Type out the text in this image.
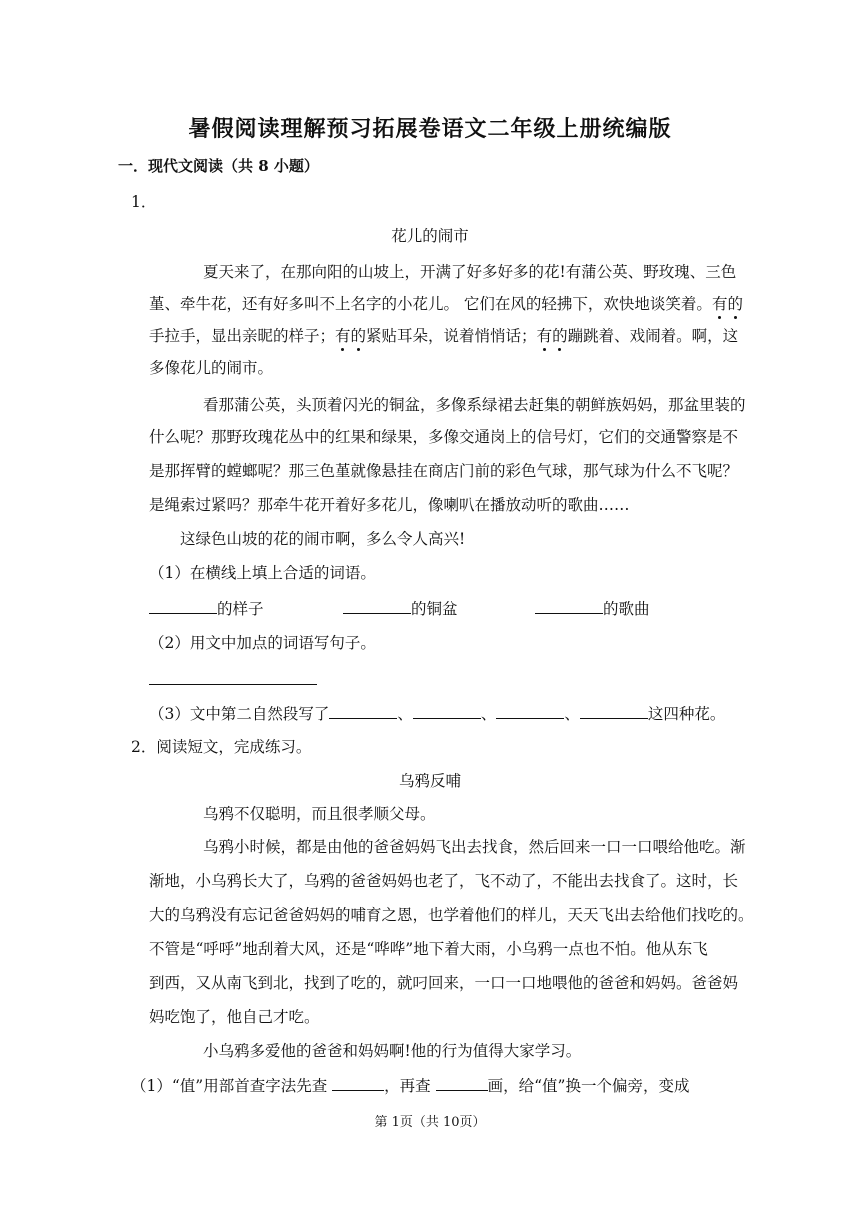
暑假阅读理解预习拓展卷语文二年级上册统编版
一．现代文阅读（共 8 小题）
1．
花儿的闹市
夏天来了，在那向阳的山坡上，开满了好多好多的花!有蒲公英、野玫瑰、三色
堇、牵牛花，还有好多叫不上名字的小花儿。 它们在风的轻拂下，欢快地谈笑着。有的
手拉手，显出亲昵的样子；有的紧贴耳朵，说着悄悄话；有的蹦跳着、戏闹着。啊，这
多像花儿的闹市。
看那蒲公英，头顶着闪光的铜盆，多像系绿裙去赶集的朝鲜族妈妈，那盆里装的
什么呢？那野玫瑰花丛中的红果和绿果，多像交通岗上的信号灯，它们的交通警察是不
是那挥臂的螳螂呢？那三色堇就像悬挂在商店门前的彩色气球，那气球为什么不飞呢？
是绳索过紧吗？那牵牛花开着好多花儿，像喇叭在播放动听的歌曲……
这绿色山坡的花的闹市啊，多么令人高兴!
（1）在横线上填上合适的词语。
的样子	的铜盆	的歌曲
（2）用文中加点的词语写句子。
（3）文中第二自然段写了	、	、	、	这四种花。
2．阅读短文，完成练习。
乌鸦反哺
乌鸦不仅聪明，而且很孝顺父母。
乌鸦小时候，都是由他的爸爸妈妈飞出去找食，然后回来一口一口喂给他吃。渐
渐地，小乌鸦长大了，乌鸦的爸爸妈妈也老了，飞不动了，不能出去找食了。这时，长
大的乌鸦没有忘记爸爸妈妈的哺育之恩，也学着他们的样儿，天天飞出去给他们找吃的。
不管是“呼呼”地刮着大风，还是“哗哗”地下着大雨，小乌鸦一点也不怕。他从东飞
到西，又从南飞到北，找到了吃的，就叼回来，一口一口地喂他的爸爸和妈妈。爸爸妈
妈吃饱了，他自己才吃。
小乌鸦多爱他的爸爸和妈妈啊!他的行为值得大家学习。
（1）“值”用部首查字法先查	，再查	画，给“值”换一个偏旁，变成
第 1页（共 10页）
